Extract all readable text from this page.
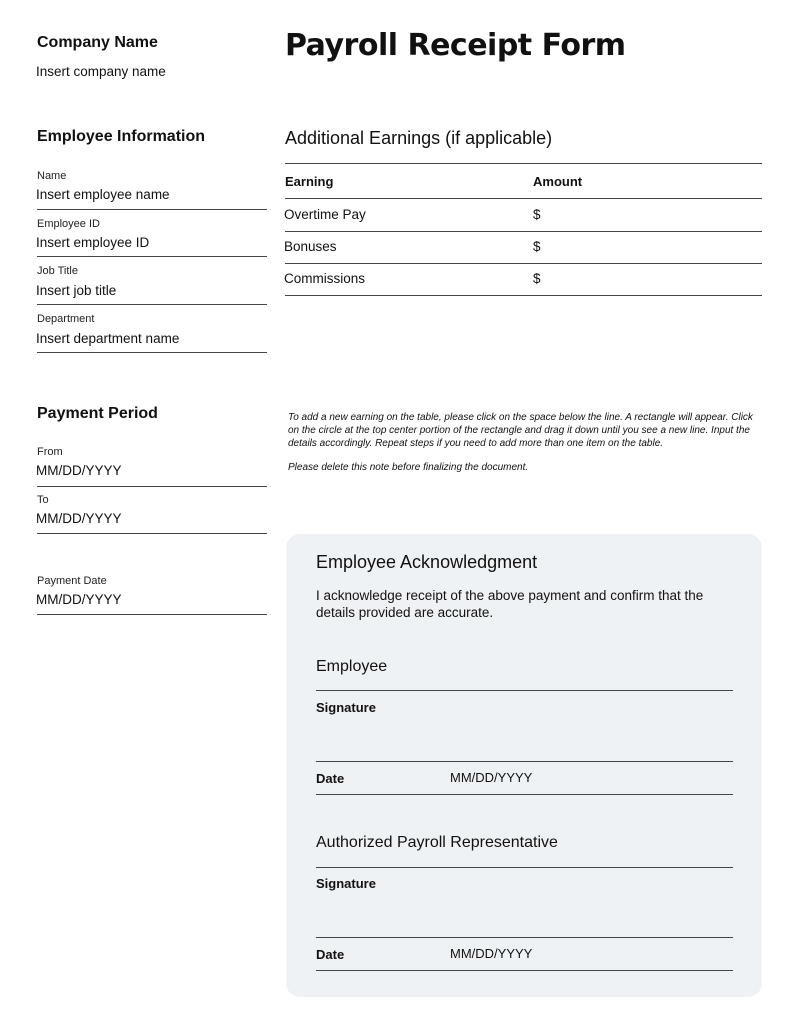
Company Name
Insert company name
Payroll Receipt Form
Employee Information
Name
Insert employee name
Employee ID
Insert employee ID
Job Title
Insert job title
Department
Insert department name
Payment Period
From
MM/DD/YYYY
To
MM/DD/YYYY
Payment Date
MM/DD/YYYY
Additional Earnings (if applicable)
Earning	Amount
Overtime Pay	$
Bonuses	$
Commissions	$
To add a new earning on the table, please click on the space below the line. A rectangle will appear. Click on the circle at the top center portion of the rectangle and drag it down until you see a new line. Input the details accordingly. Repeat steps if you need to add more than one item on the table.
Please delete this note before finalizing the document.
Employee Acknowledgment
I acknowledge receipt of the above payment and confirm that the details provided are accurate.
Employee
Signature
Date	MM/DD/YYYY
Authorized Payroll Representative
Signature
Date	MM/DD/YYYY
